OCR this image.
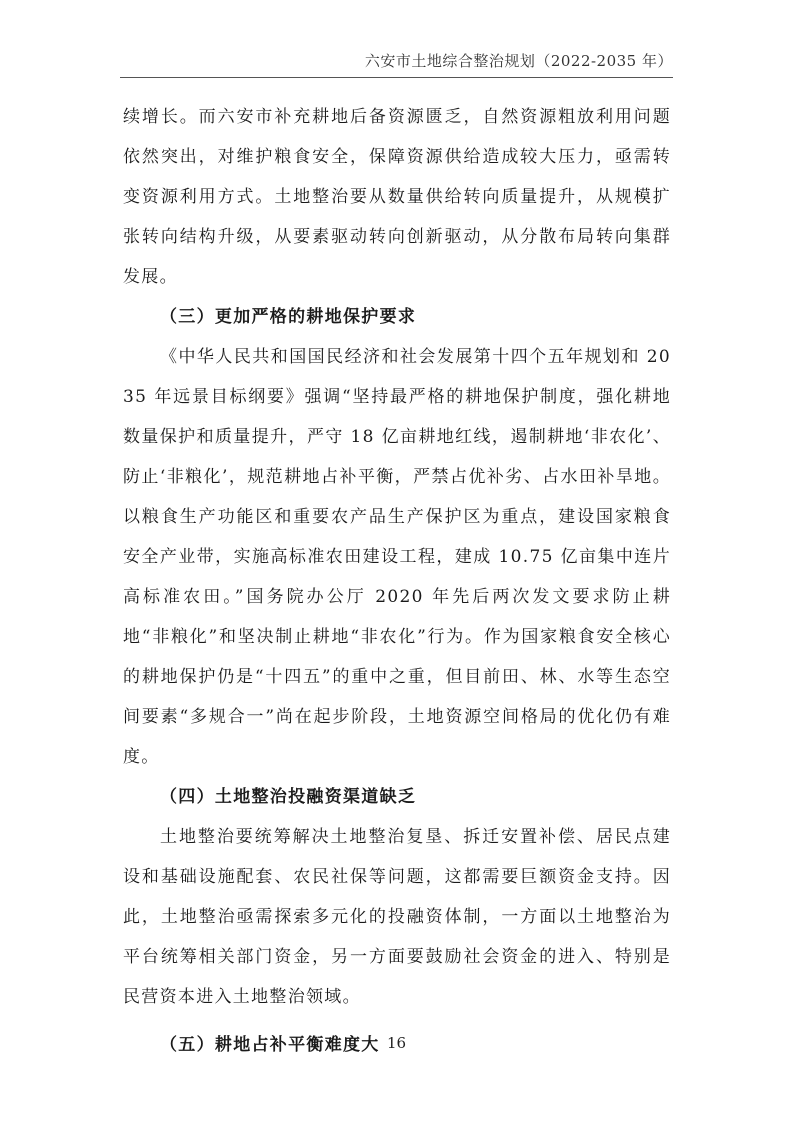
六安市土地综合整治规划（2022-2035 年）

续增长。而六安市补充耕地后备资源匮乏，自然资源粗放利用问题依然突出，对维护粮食安全，保障资源供给造成较大压力，亟需转变资源利用方式。土地整治要从数量供给转向质量提升，从规模扩张转向结构升级，从要素驱动转向创新驱动，从分散布局转向集群发展。

（三）更加严格的耕地保护要求

《中华人民共和国国民经济和社会发展第十四个五年规划和 2035 年远景目标纲要》强调“坚持最严格的耕地保护制度，强化耕地数量保护和质量提升，严守 18 亿亩耕地红线，遏制耕地‘非农化’、防止‘非粮化’，规范耕地占补平衡，严禁占优补劣、占水田补旱地。以粮食生产功能区和重要农产品生产保护区为重点，建设国家粮食安全产业带，实施高标准农田建设工程，建成 10.75 亿亩集中连片高标准农田。”国务院办公厅 2020 年先后两次发文要求防止耕地“非粮化”和坚决制止耕地“非农化”行为。作为国家粮食安全核心的耕地保护仍是“十四五”的重中之重，但目前田、林、水等生态空间要素“多规合一”尚在起步阶段，土地资源空间格局的优化仍有难度。

（四）土地整治投融资渠道缺乏

土地整治要统筹解决土地整治复垦、拆迁安置补偿、居民点建设和基础设施配套、农民社保等问题，这都需要巨额资金支持。因此，土地整治亟需探索多元化的投融资体制，一方面以土地整治为平台统筹相关部门资金，另一方面要鼓励社会资金的进入、特别是民营资本进入土地整治领域。

（五）耕地占补平衡难度大 16
